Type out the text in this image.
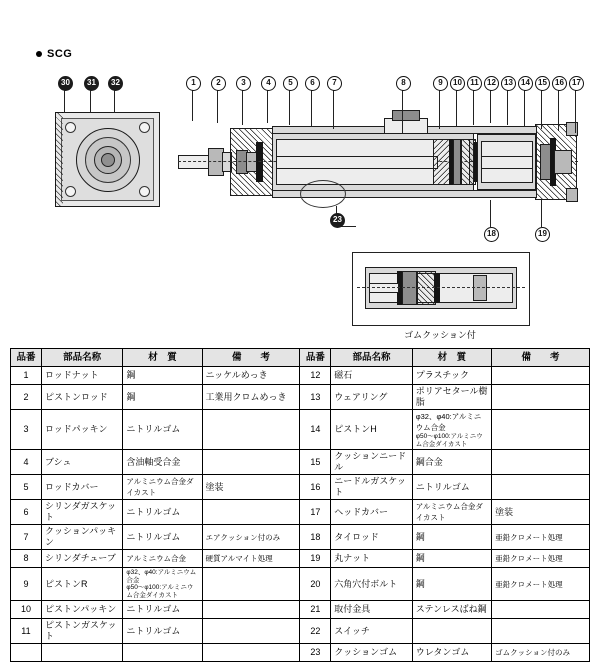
SCG
30	31	32	1	2	3	4	5	6	7	8	9	10	11	12	13	14	15	16	17
18	19
23
ゴムクッション付
品番	部品名称	材　質	備　　考	品番	部品名称	材　質	備　　考
1	ロッドナット	鋼	ニッケルめっき	12	磁石	プラスチック	
2	ピストンロッド	鋼	工業用クロムめっき	13	ウェアリング	ポリアセタール樹脂	
3	ロッドパッキン	ニトリルゴム		14	ピストンH	φ32、φ40:アルミニウム合金
φ50～φ100:アルミニウム合金ダイカスト	

4	ブシュ	含油軸受合金		15	クッションニードル	鋼合金	
5	ロッドカバー	アルミニウム合金ダイカスト	塗装	16	ニードルガスケット	ニトリルゴム	
6	シリンダガスケット	ニトリルゴム		17	ヘッドカバー	アルミニウム合金ダイカスト	塗装
7	クッションパッキン	ニトリルゴム	エアクッション付のみ	18	タイロッド	鋼	亜鉛クロメート処理
8	シリンダチューブ	アルミニウム合金	硬質アルマイト処理	19	丸ナット	鋼	亜鉛クロメート処理
9	ピストンR	φ32、φ40:アルミニウム合金
φ50～φ100:アルミニウム合金ダイカスト		20	六角穴付ボルト	鋼	亜鉛クロメート処理
10	ピストンパッキン	ニトリルゴム		21	取付金具	ステンレスばね鋼	
11	ピストンガスケット	ニトリルゴム		22	スイッチ		
				23	クッションゴム	ウレタンゴム	ゴムクッション付のみ
